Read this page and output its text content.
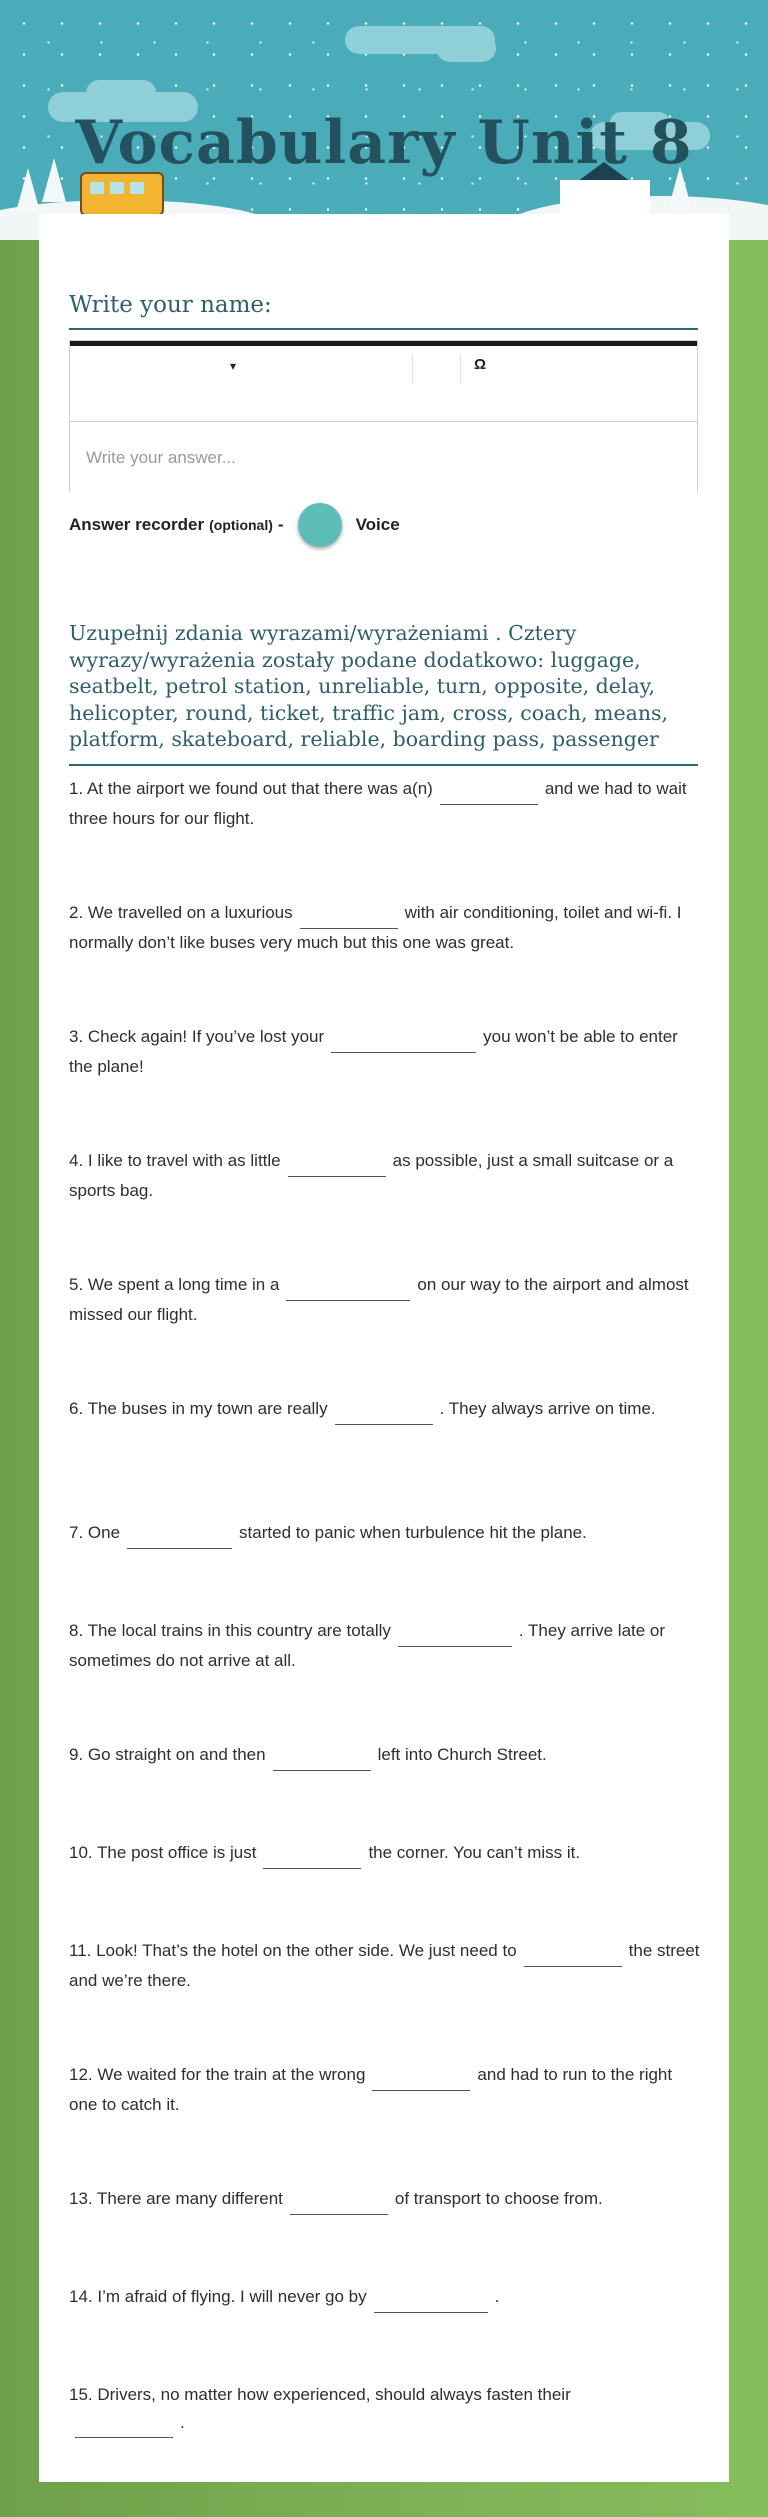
Vocabulary Unit 8
Write your name:
▾	Ω
Write your answer...
Answer recorder (optional) -	Voice

Uzupełnij zdania wyrazami/wyrażeniami . Cztery wyrazy/wyrażenia zostały podane dodatkowo: luggage, seatbelt, petrol station, unreliable, turn, opposite, delay, helicopter, round, ticket, traffic jam, cross, coach, means, platform, skateboard, reliable, boarding pass, passenger

1. At the airport we found out that there was a(n)	and we had to wait three hours for our flight.

2. We travelled on a luxurious	with air conditioning, toilet and wi-fi. I normally don’t like buses very much but this one was great.

3. Check again! If you’ve lost your	you won’t be able to enter the plane!

4. I like to travel with as little	as possible, just a small suitcase or a sports bag.

5. We spent a long time in a	on our way to the airport and almost missed our flight.

6. The buses in my town are really	. They always arrive on time.

7. One	started to panic when turbulence hit the plane.

8. The local trains in this country are totally	. They arrive late or sometimes do not arrive at all.

9. Go straight on and then	left into Church Street.

10. The post office is just	the corner. You can’t miss it.

11. Look! That’s the hotel on the other side. We just need to	the street and we’re there.

12. We waited for the train at the wrong	and had to run to the right one to catch it.

13. There are many different	of transport to choose from.

14. I’m afraid of flying. I will never go by	.

15. Drivers, no matter how experienced, should always fasten their
.
